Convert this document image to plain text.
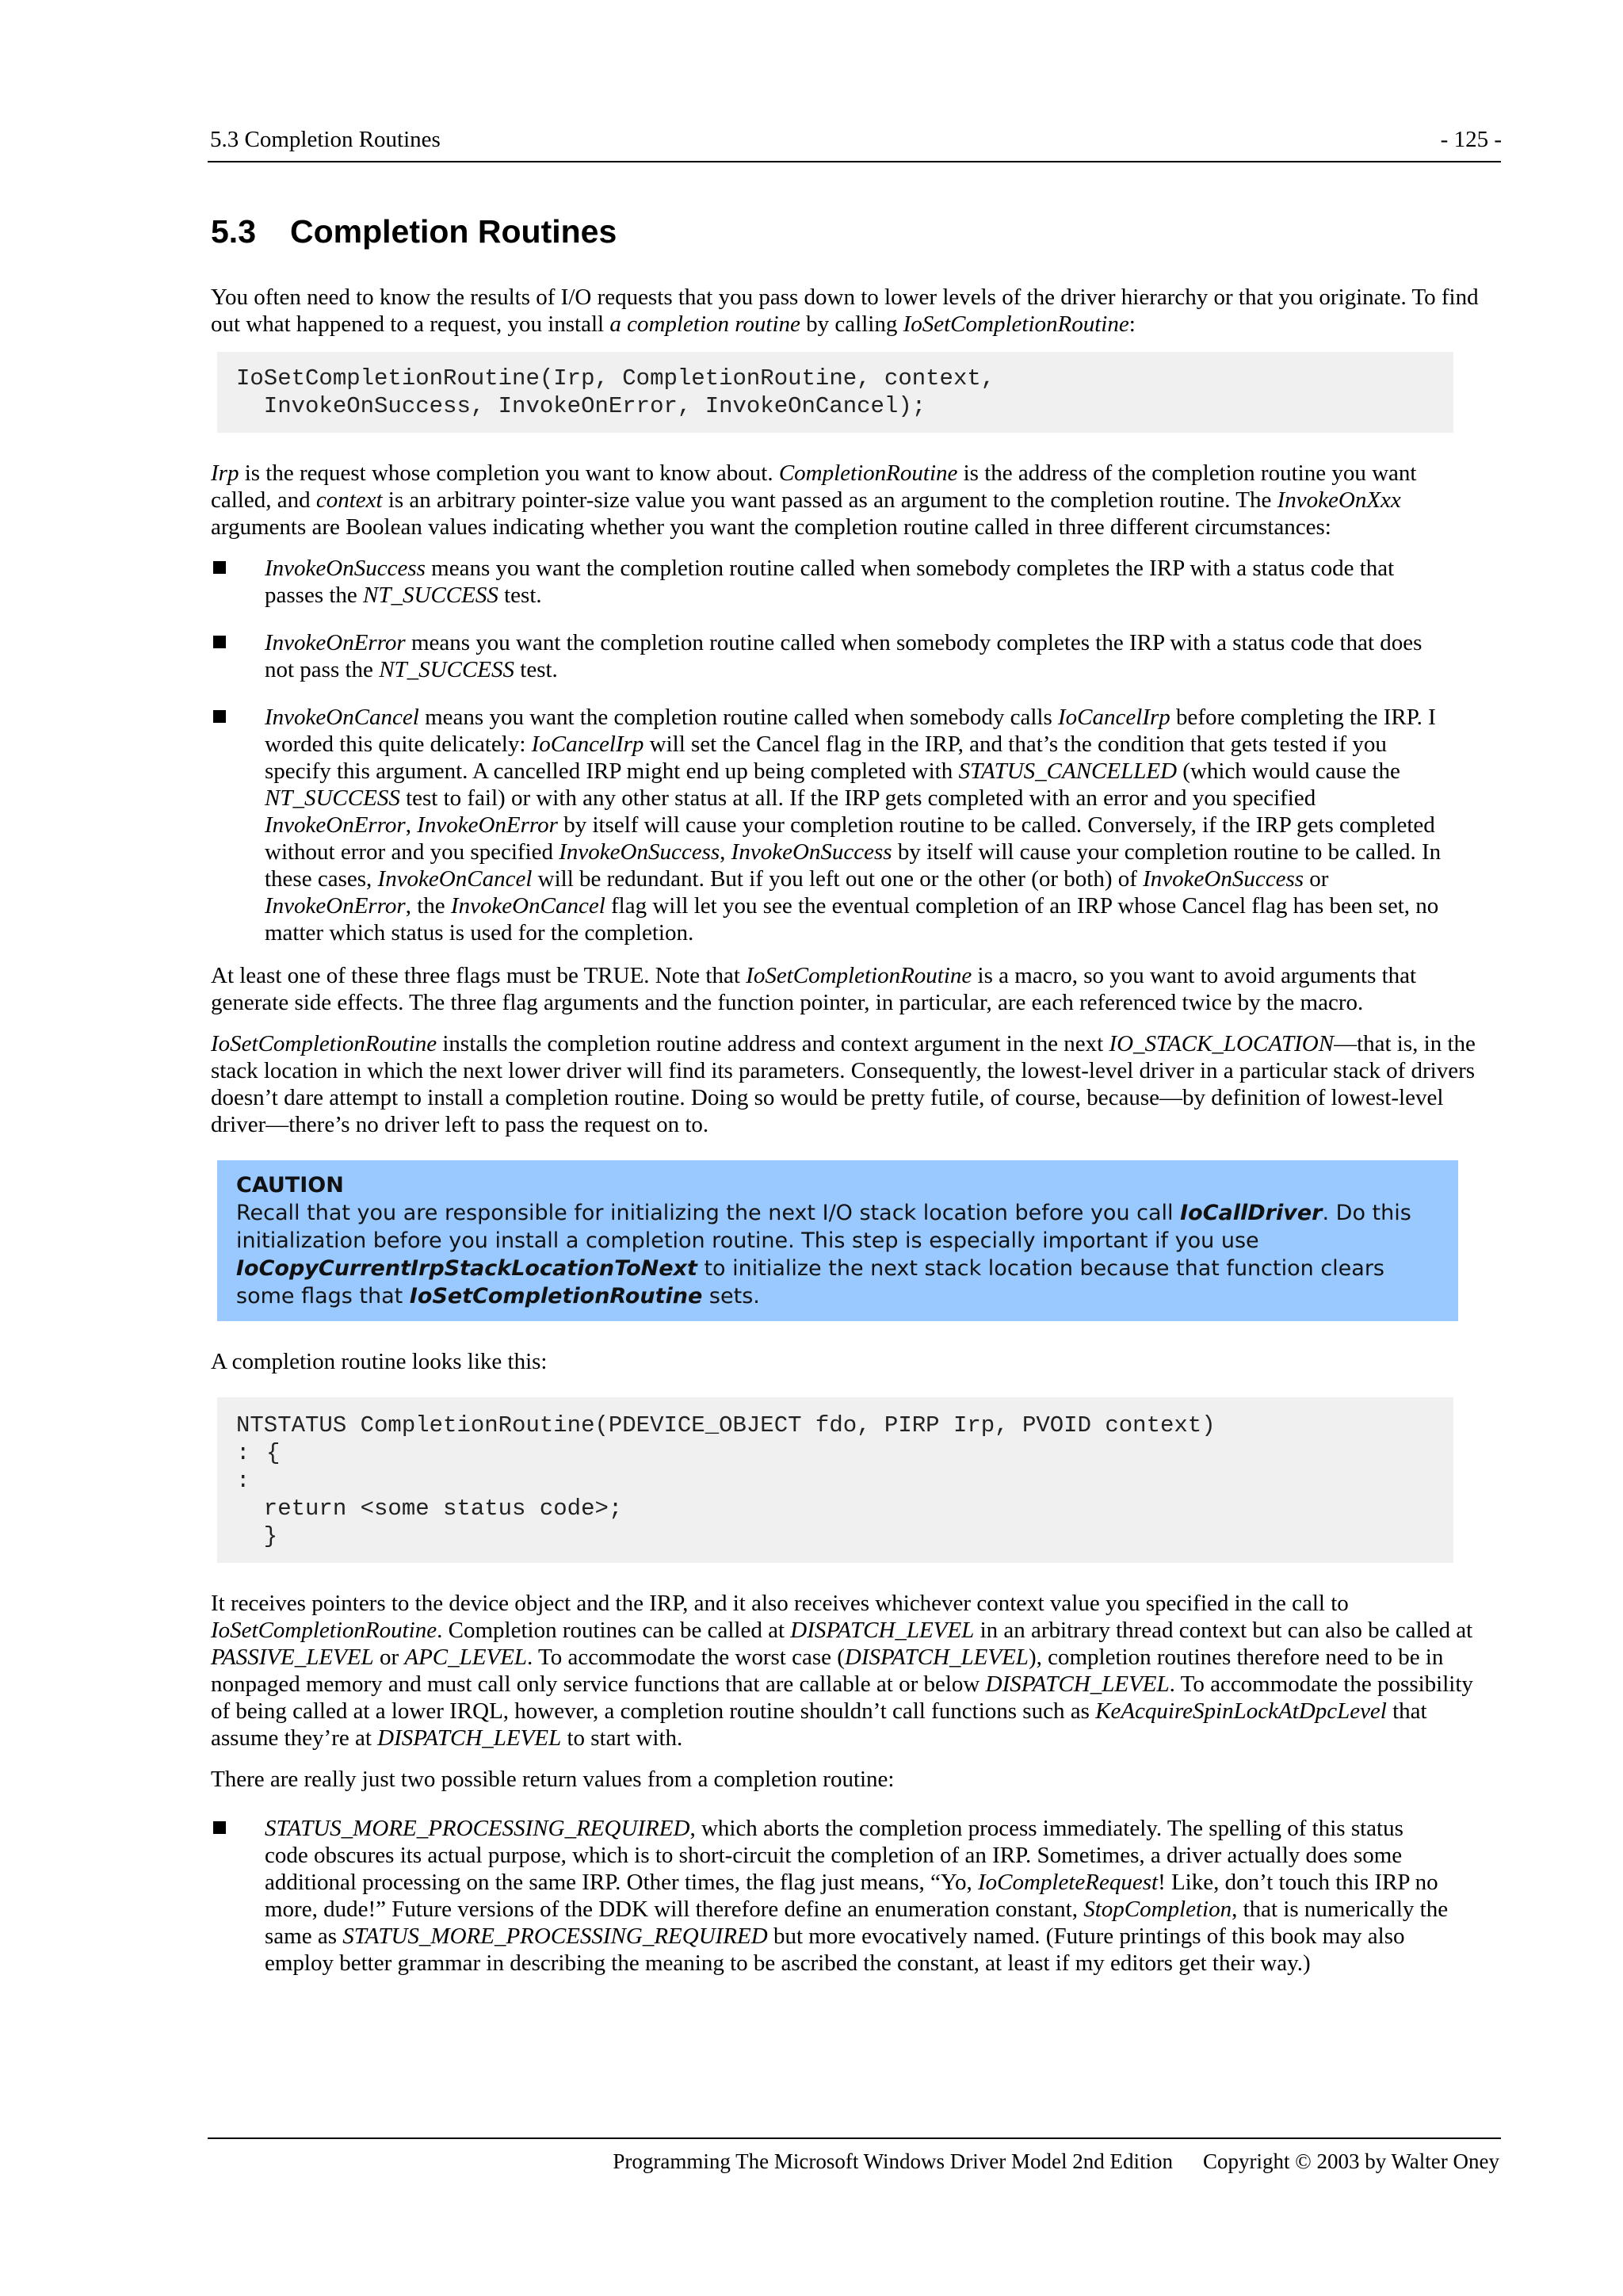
5.3 Completion Routines	- 125 -
5.3 Completion Routines

You often need to know the results of I/O requests that you pass down to lower levels of the driver hierarchy or that you originate. To find out what happened to a request, you install a completion routine by calling IoSetCompletionRoutine:

IoSetCompletionRoutine(Irp, CompletionRoutine, context,
InvokeOnSuccess, InvokeOnError, InvokeOnCancel);

Irp is the request whose completion you want to know about. CompletionRoutine is the address of the completion routine you want called, and context is an arbitrary pointer-size value you want passed as an argument to the completion routine. The InvokeOnXxx arguments are Boolean values indicating whether you want the completion routine called in three different circumstances:

InvokeOnSuccess means you want the completion routine called when somebody completes the IRP with a status code that passes the NT_SUCCESS test.
InvokeOnError means you want the completion routine called when somebody completes the IRP with a status code that does not pass the NT_SUCCESS test.
InvokeOnCancel means you want the completion routine called when somebody calls IoCancelIrp before completing the IRP. I worded this quite delicately: IoCancelIrp will set the Cancel flag in the IRP, and that’s the condition that gets tested if you specify this argument. A cancelled IRP might end up being completed with STATUS_CANCELLED (which would cause the NT_SUCCESS test to fail) or with any other status at all. If the IRP gets completed with an error and you specified InvokeOnError, InvokeOnError by itself will cause your completion routine to be called. Conversely, if the IRP gets completed without error and you specified InvokeOnSuccess, InvokeOnSuccess by itself will cause your completion routine to be called. In these cases, InvokeOnCancel will be redundant. But if you left out one or the other (or both) of InvokeOnSuccess or InvokeOnError, the InvokeOnCancel flag will let you see the eventual completion of an IRP whose Cancel flag has been set, no matter which status is used for the completion.

At least one of these three flags must be TRUE. Note that IoSetCompletionRoutine is a macro, so you want to avoid arguments that generate side effects. The three flag arguments and the function pointer, in particular, are each referenced twice by the macro.

IoSetCompletionRoutine installs the completion routine address and context argument in the next IO_STACK_LOCATION—that is, in the stack location in which the next lower driver will find its parameters. Consequently, the lowest-level driver in a particular stack of drivers doesn’t dare attempt to install a completion routine. Doing so would be pretty futile, of course, because—by definition of lowest-level driver—there’s no driver left to pass the request on to.

CAUTION
Recall that you are responsible for initializing the next I/O stack location before you call IoCallDriver. Do this initialization before you install a completion routine. This step is especially important if you use IoCopyCurrentIrpStackLocationToNext to initialize the next stack location because that function clears some flags that IoSetCompletionRoutine sets.

A completion routine looks like this:

NTSTATUS CompletionRoutine(PDEVICE_OBJECT fdo, PIRP Irp, PVOID context)
: {
:
return <some status code>;
}

It receives pointers to the device object and the IRP, and it also receives whichever context value you specified in the call to IoSetCompletionRoutine. Completion routines can be called at DISPATCH_LEVEL in an arbitrary thread context but can also be called at PASSIVE_LEVEL or APC_LEVEL. To accommodate the worst case (DISPATCH_LEVEL), completion routines therefore need to be in nonpaged memory and must call only service functions that are callable at or below DISPATCH_LEVEL. To accommodate the possibility of being called at a lower IRQL, however, a completion routine shouldn’t call functions such as KeAcquireSpinLockAtDpcLevel that assume they’re at DISPATCH_LEVEL to start with.

There are really just two possible return values from a completion routine:

STATUS_MORE_PROCESSING_REQUIRED, which aborts the completion process immediately. The spelling of this status code obscures its actual purpose, which is to short-circuit the completion of an IRP. Sometimes, a driver actually does some additional processing on the same IRP. Other times, the flag just means, “Yo, IoCompleteRequest! Like, don’t touch this IRP no more, dude!” Future versions of the DDK will therefore define an enumeration constant, StopCompletion, that is numerically the same as STATUS_MORE_PROCESSING_REQUIRED but more evocatively named. (Future printings of this book may also employ better grammar in describing the meaning to be ascribed the constant, at least if my editors get their way.)
Programming The Microsoft Windows Driver Model 2nd Edition Copyright © 2003 by Walter Oney
